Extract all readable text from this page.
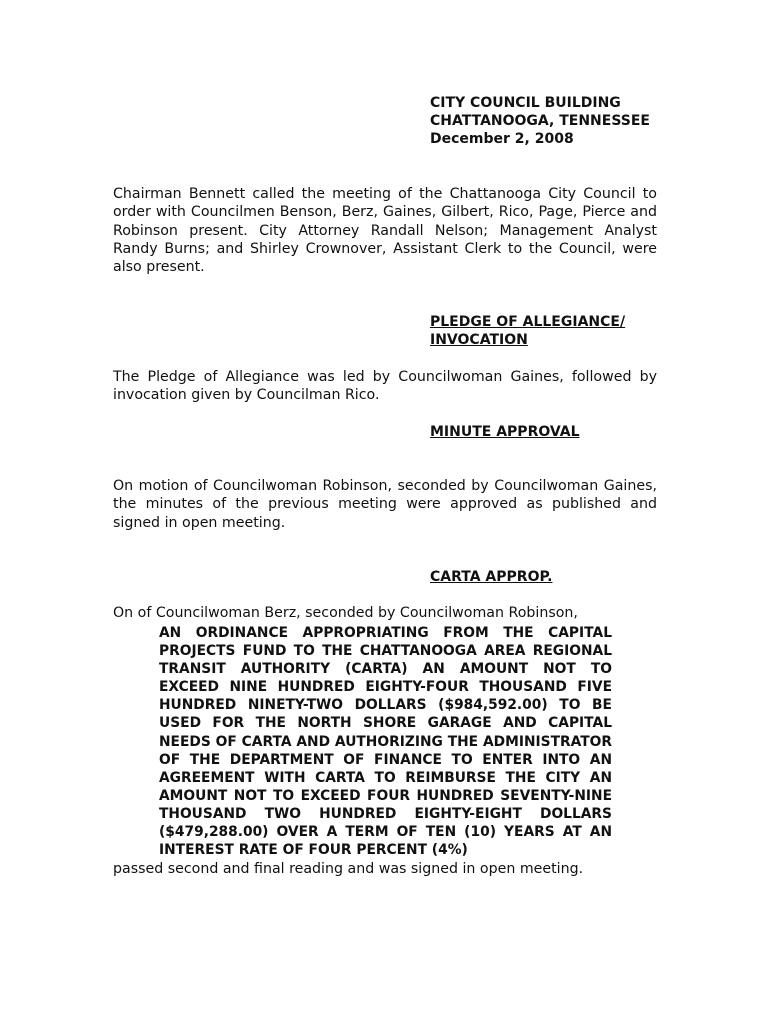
CITY COUNCIL BUILDING
CHATTANOOGA, TENNESSEE
December 2, 2008
Chairman Bennett called the meeting of the Chattanooga City Council to order with Councilmen Benson, Berz, Gaines, Gilbert, Rico, Page, Pierce and Robinson present. City Attorney Randall Nelson; Management Analyst Randy Burns; and Shirley Crownover, Assistant Clerk to the Council, were also present.
PLEDGE OF ALLEGIANCE/
INVOCATION
The Pledge of Allegiance was led by Councilwoman Gaines, followed by invocation given by Councilman Rico.
MINUTE APPROVAL
On motion of Councilwoman Robinson, seconded by Councilwoman Gaines, the minutes of the previous meeting were approved as published and signed in open meeting.
CARTA APPROP.
On of Councilwoman Berz, seconded by Councilwoman Robinson,
AN ORDINANCE APPROPRIATING FROM THE CAPITAL PROJECTS FUND TO THE CHATTANOOGA AREA REGIONAL TRANSIT AUTHORITY (CARTA) AN AMOUNT NOT TO EXCEED NINE HUNDRED EIGHTY-FOUR THOUSAND FIVE HUNDRED NINETY-TWO DOLLARS ($984,592.00) TO BE USED FOR THE NORTH SHORE GARAGE AND CAPITAL NEEDS OF CARTA AND AUTHORIZING THE ADMINISTRATOR OF THE DEPARTMENT OF FINANCE TO ENTER INTO AN AGREEMENT WITH CARTA TO REIMBURSE THE CITY AN AMOUNT NOT TO EXCEED FOUR HUNDRED SEVENTY-NINE THOUSAND TWO HUNDRED EIGHTY-EIGHT DOLLARS ($479,288.00) OVER A TERM OF TEN (10) YEARS AT AN INTEREST RATE OF FOUR PERCENT (4%)
passed second and final reading and was signed in open meeting.
